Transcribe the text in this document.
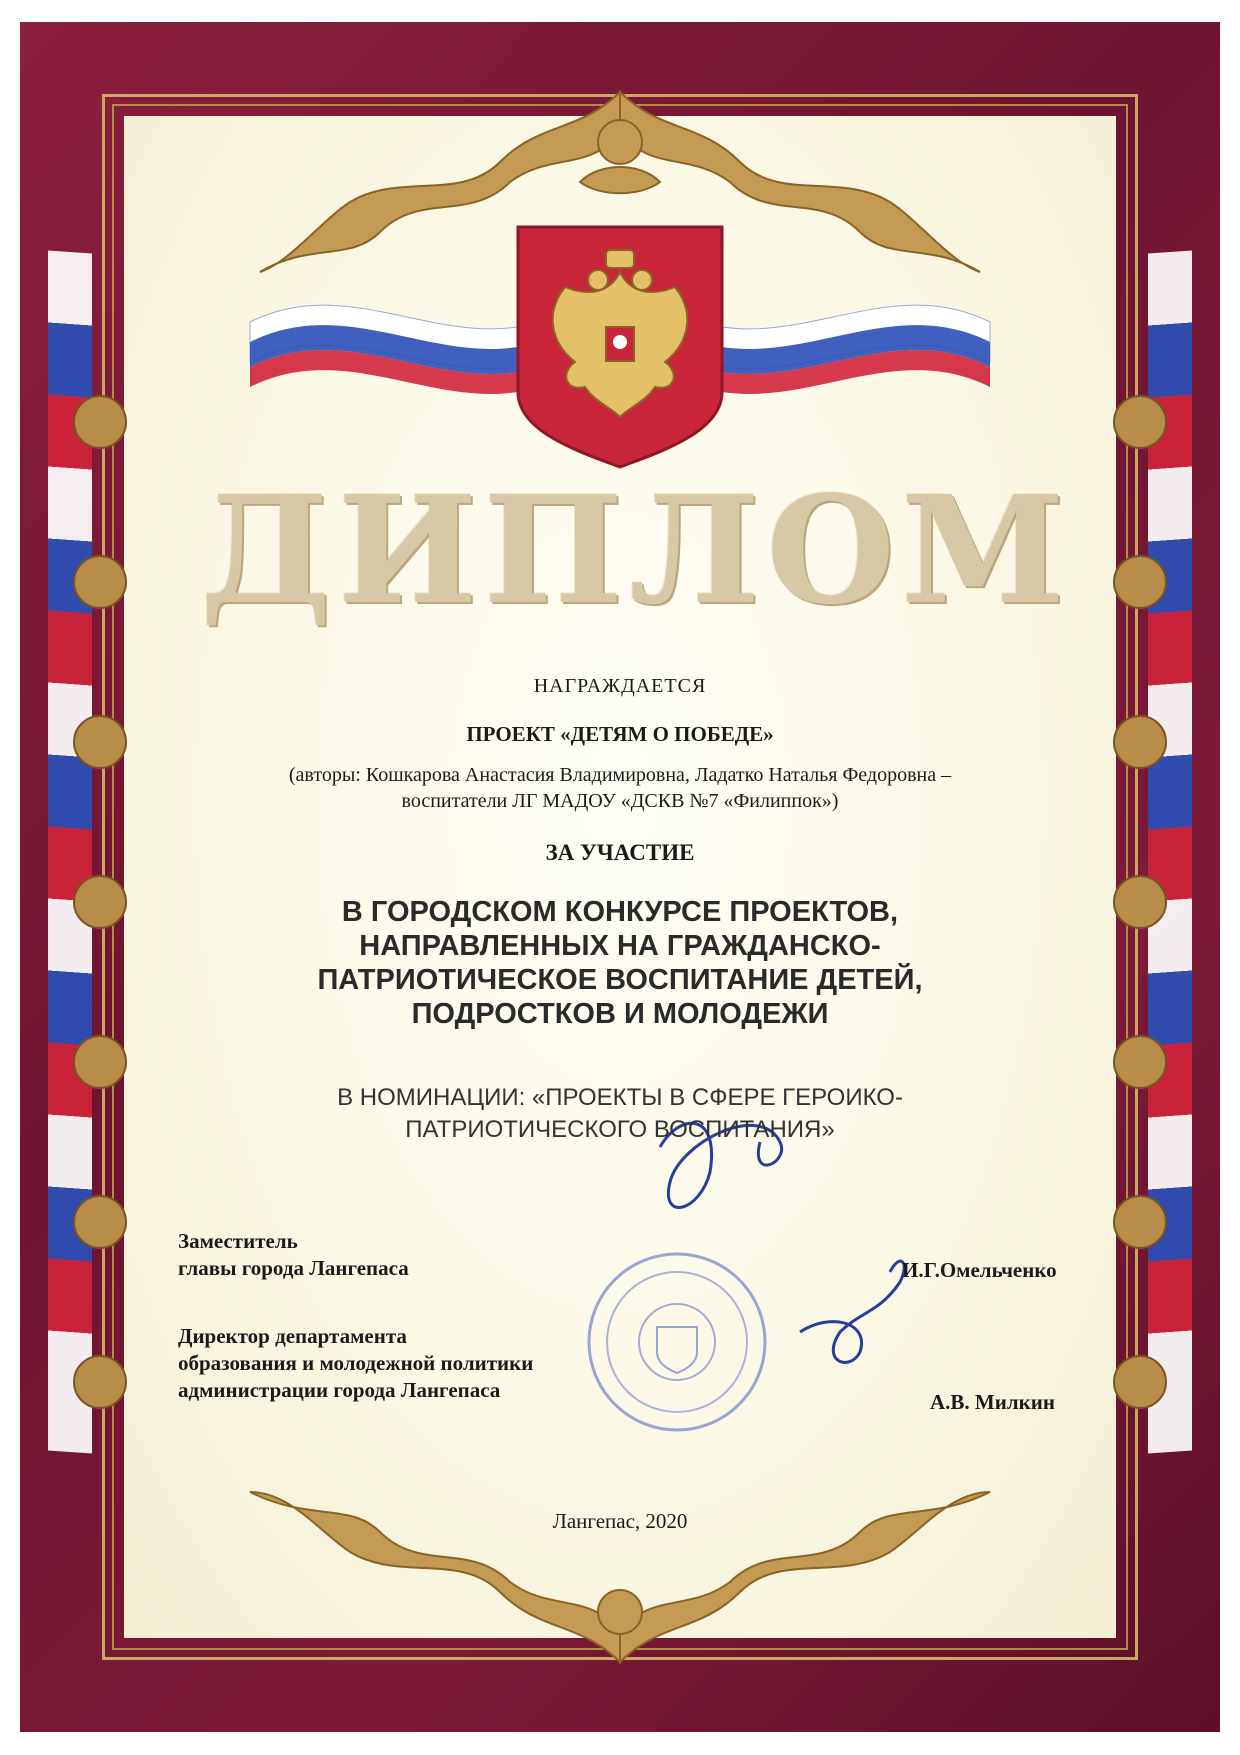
ДИПЛОМ
НАГРАЖДАЕТСЯ
ПРОЕКТ «ДЕТЯМ О ПОБЕДЕ»
(авторы: Кошкарова Анастасия Владимировна, Ладатко Наталья Федоровна –
воспитатели ЛГ МАДОУ «ДСКВ №7 «Филиппок»)
ЗА УЧАСТИЕ
В ГОРОДСКОМ КОНКУРСЕ ПРОЕКТОВ,
НАПРАВЛЕННЫХ НА ГРАЖДАНСКО-
ПАТРИОТИЧЕСКОЕ ВОСПИТАНИЕ ДЕТЕЙ,
ПОДРОСТКОВ И МОЛОДЕЖИ
В НОМИНАЦИИ: «ПРОЕКТЫ В СФЕРЕ ГЕРОИКО-
ПАТРИОТИЧЕСКОГО ВОСПИТАНИЯ»
Заместитель
главы города Лангепаса	И.Г.Омельченко
Директор департамента
образования и молодежной политики
администрации города Лангепаса	А.В. Милкин
Лангепас, 2020
